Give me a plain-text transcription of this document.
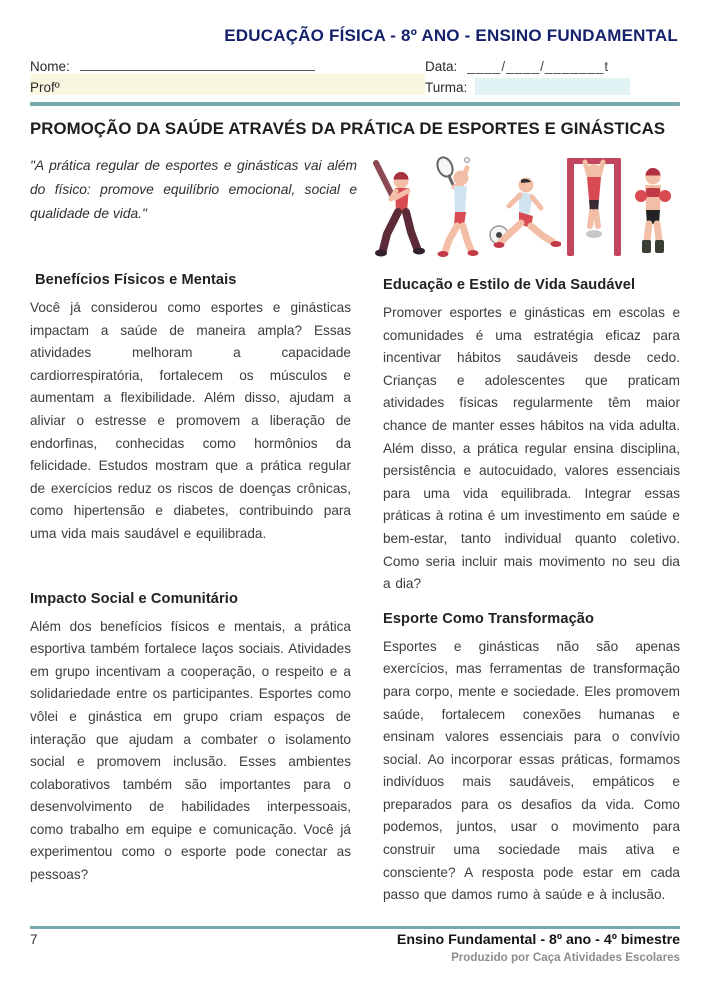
EDUCAÇÃO FÍSICA - 8º ANO - ENSINO FUNDAMENTAL
Nome:
Profº
Data: ____/____/_______t
Turma:
PROMOÇÃO DA SAÚDE ATRAVÉS DA PRÁTICA DE ESPORTES E GINÁSTICAS
"A prática regular de esportes e ginásticas vai além do físico: promove equilíbrio emocional, social e qualidade de vida."
Benefícios Físicos e Mentais

Você já considerou como esportes e ginásticas impactam a saúde de maneira ampla? Essas atividades melhoram a capacidade cardiorrespiratória, fortalecem os músculos e aumentam a flexibilidade. Além disso, ajudam a aliviar o estresse e promovem a liberação de endorfinas, conhecidas como hormônios da felicidade. Estudos mostram que a prática regular de exercícios reduz os riscos de doenças crônicas, como hipertensão e diabetes, contribuindo para uma vida mais saudável e equilibrada.

Impacto Social e Comunitário

Além dos benefícios físicos e mentais, a prática esportiva também fortalece laços sociais. Atividades em grupo incentivam a cooperação, o respeito e a solidariedade entre os participantes. Esportes como vôlei e ginástica em grupo criam espaços de interação que ajudam a combater o isolamento social e promovem inclusão. Esses ambientes colaborativos também são importantes para o desenvolvimento de habilidades interpessoais, como trabalho em equipe e comunicação. Você já experimentou como o esporte pode conectar as pessoas?

Educação e Estilo de Vida Saudável

Promover esportes e ginásticas em escolas e comunidades é uma estratégia eficaz para incentivar hábitos saudáveis desde cedo. Crianças e adolescentes que praticam atividades físicas regularmente têm maior chance de manter esses hábitos na vida adulta. Além disso, a prática regular ensina disciplina, persistência e autocuidado, valores essenciais para uma vida equilibrada. Integrar essas práticas à rotina é um investimento em saúde e bem-estar, tanto individual quanto coletivo. Como seria incluir mais movimento no seu dia a dia?

Esporte Como Transformação

Esportes e ginásticas não são apenas exercícios, mas ferramentas de transformação para corpo, mente e sociedade. Eles promovem saúde, fortalecem conexões humanas e ensinam valores essenciais para o convívio social. Ao incorporar essas práticas, formamos indivíduos mais saudáveis, empáticos e preparados para os desafios da vida. Como podemos, juntos, usar o movimento para construir uma sociedade mais ativa e consciente? A resposta pode estar em cada passo que damos rumo à saúde e à inclusão.

7	Ensino Fundamental - 8º ano - 4º bimestre
Produzido por Caça Atividades Escolares
